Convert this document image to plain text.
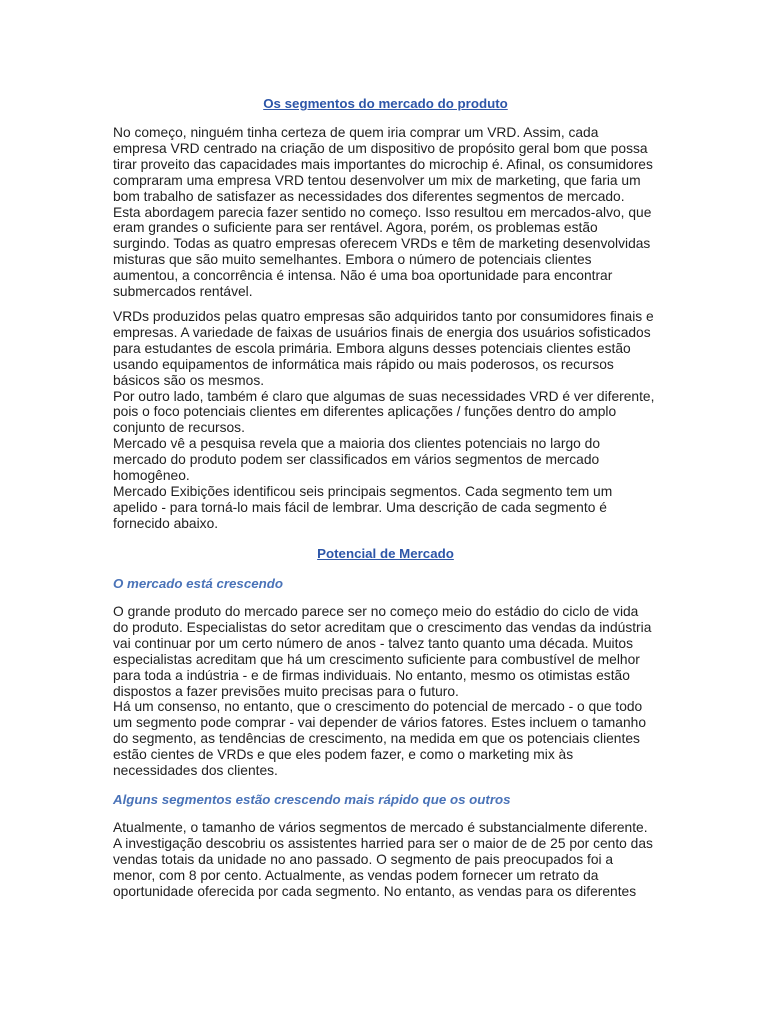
Os segmentos do mercado do produto

No começo, ninguém tinha certeza de quem iria comprar um VRD. Assim, cada
empresa VRD centrado na criação de um dispositivo de propósito geral bom que possa
tirar proveito das capacidades mais importantes do microchip é. Afinal, os consumidores
compraram uma empresa VRD tentou desenvolver um mix de marketing, que faria um
bom trabalho de satisfazer as necessidades dos diferentes segmentos de mercado.
Esta abordagem parecia fazer sentido no começo. Isso resultou em mercados-alvo, que
eram grandes o suficiente para ser rentável. Agora, porém, os problemas estão
surgindo. Todas as quatro empresas oferecem VRDs e têm de marketing desenvolvidas
misturas que são muito semelhantes. Embora o número de potenciais clientes
aumentou, a concorrência é intensa. Não é uma boa oportunidade para encontrar
submercados rentável.

VRDs produzidos pelas quatro empresas são adquiridos tanto por consumidores finais e
empresas. A variedade de faixas de usuários finais de energia dos usuários sofisticados
para estudantes de escola primária. Embora alguns desses potenciais clientes estão
usando equipamentos de informática mais rápido ou mais poderosos, os recursos
básicos são os mesmos.
Por outro lado, também é claro que algumas de suas necessidades VRD é ver diferente,
pois o foco potenciais clientes em diferentes aplicações / funções dentro do amplo
conjunto de recursos.
Mercado vê a pesquisa revela que a maioria dos clientes potenciais no largo do
mercado do produto podem ser classificados em vários segmentos de mercado
homogêneo.
Mercado Exibições identificou seis principais segmentos. Cada segmento tem um
apelido - para torná-lo mais fácil de lembrar. Uma descrição de cada segmento é
fornecido abaixo.

Potencial de Mercado
O mercado está crescendo

O grande produto do mercado parece ser no começo meio do estádio do ciclo de vida
do produto. Especialistas do setor acreditam que o crescimento das vendas da indústria
vai continuar por um certo número de anos - talvez tanto quanto uma década. Muitos
especialistas acreditam que há um crescimento suficiente para combustível de melhor
para toda a indústria - e de firmas individuais. No entanto, mesmo os otimistas estão
dispostos a fazer previsões muito precisas para o futuro.
Há um consenso, no entanto, que o crescimento do potencial de mercado - o que todo
um segmento pode comprar - vai depender de vários fatores. Estes incluem o tamanho
do segmento, as tendências de crescimento, na medida em que os potenciais clientes
estão cientes de VRDs e que eles podem fazer, e como o marketing mix às
necessidades dos clientes.

Alguns segmentos estão crescendo mais rápido que os outros

Atualmente, o tamanho de vários segmentos de mercado é substancialmente diferente.
A investigação descobriu os assistentes harried para ser o maior de de 25 por cento das
vendas totais da unidade no ano passado. O segmento de pais preocupados foi a
menor, com 8 por cento. Actualmente, as vendas podem fornecer um retrato da
oportunidade oferecida por cada segmento. No entanto, as vendas para os diferentes
